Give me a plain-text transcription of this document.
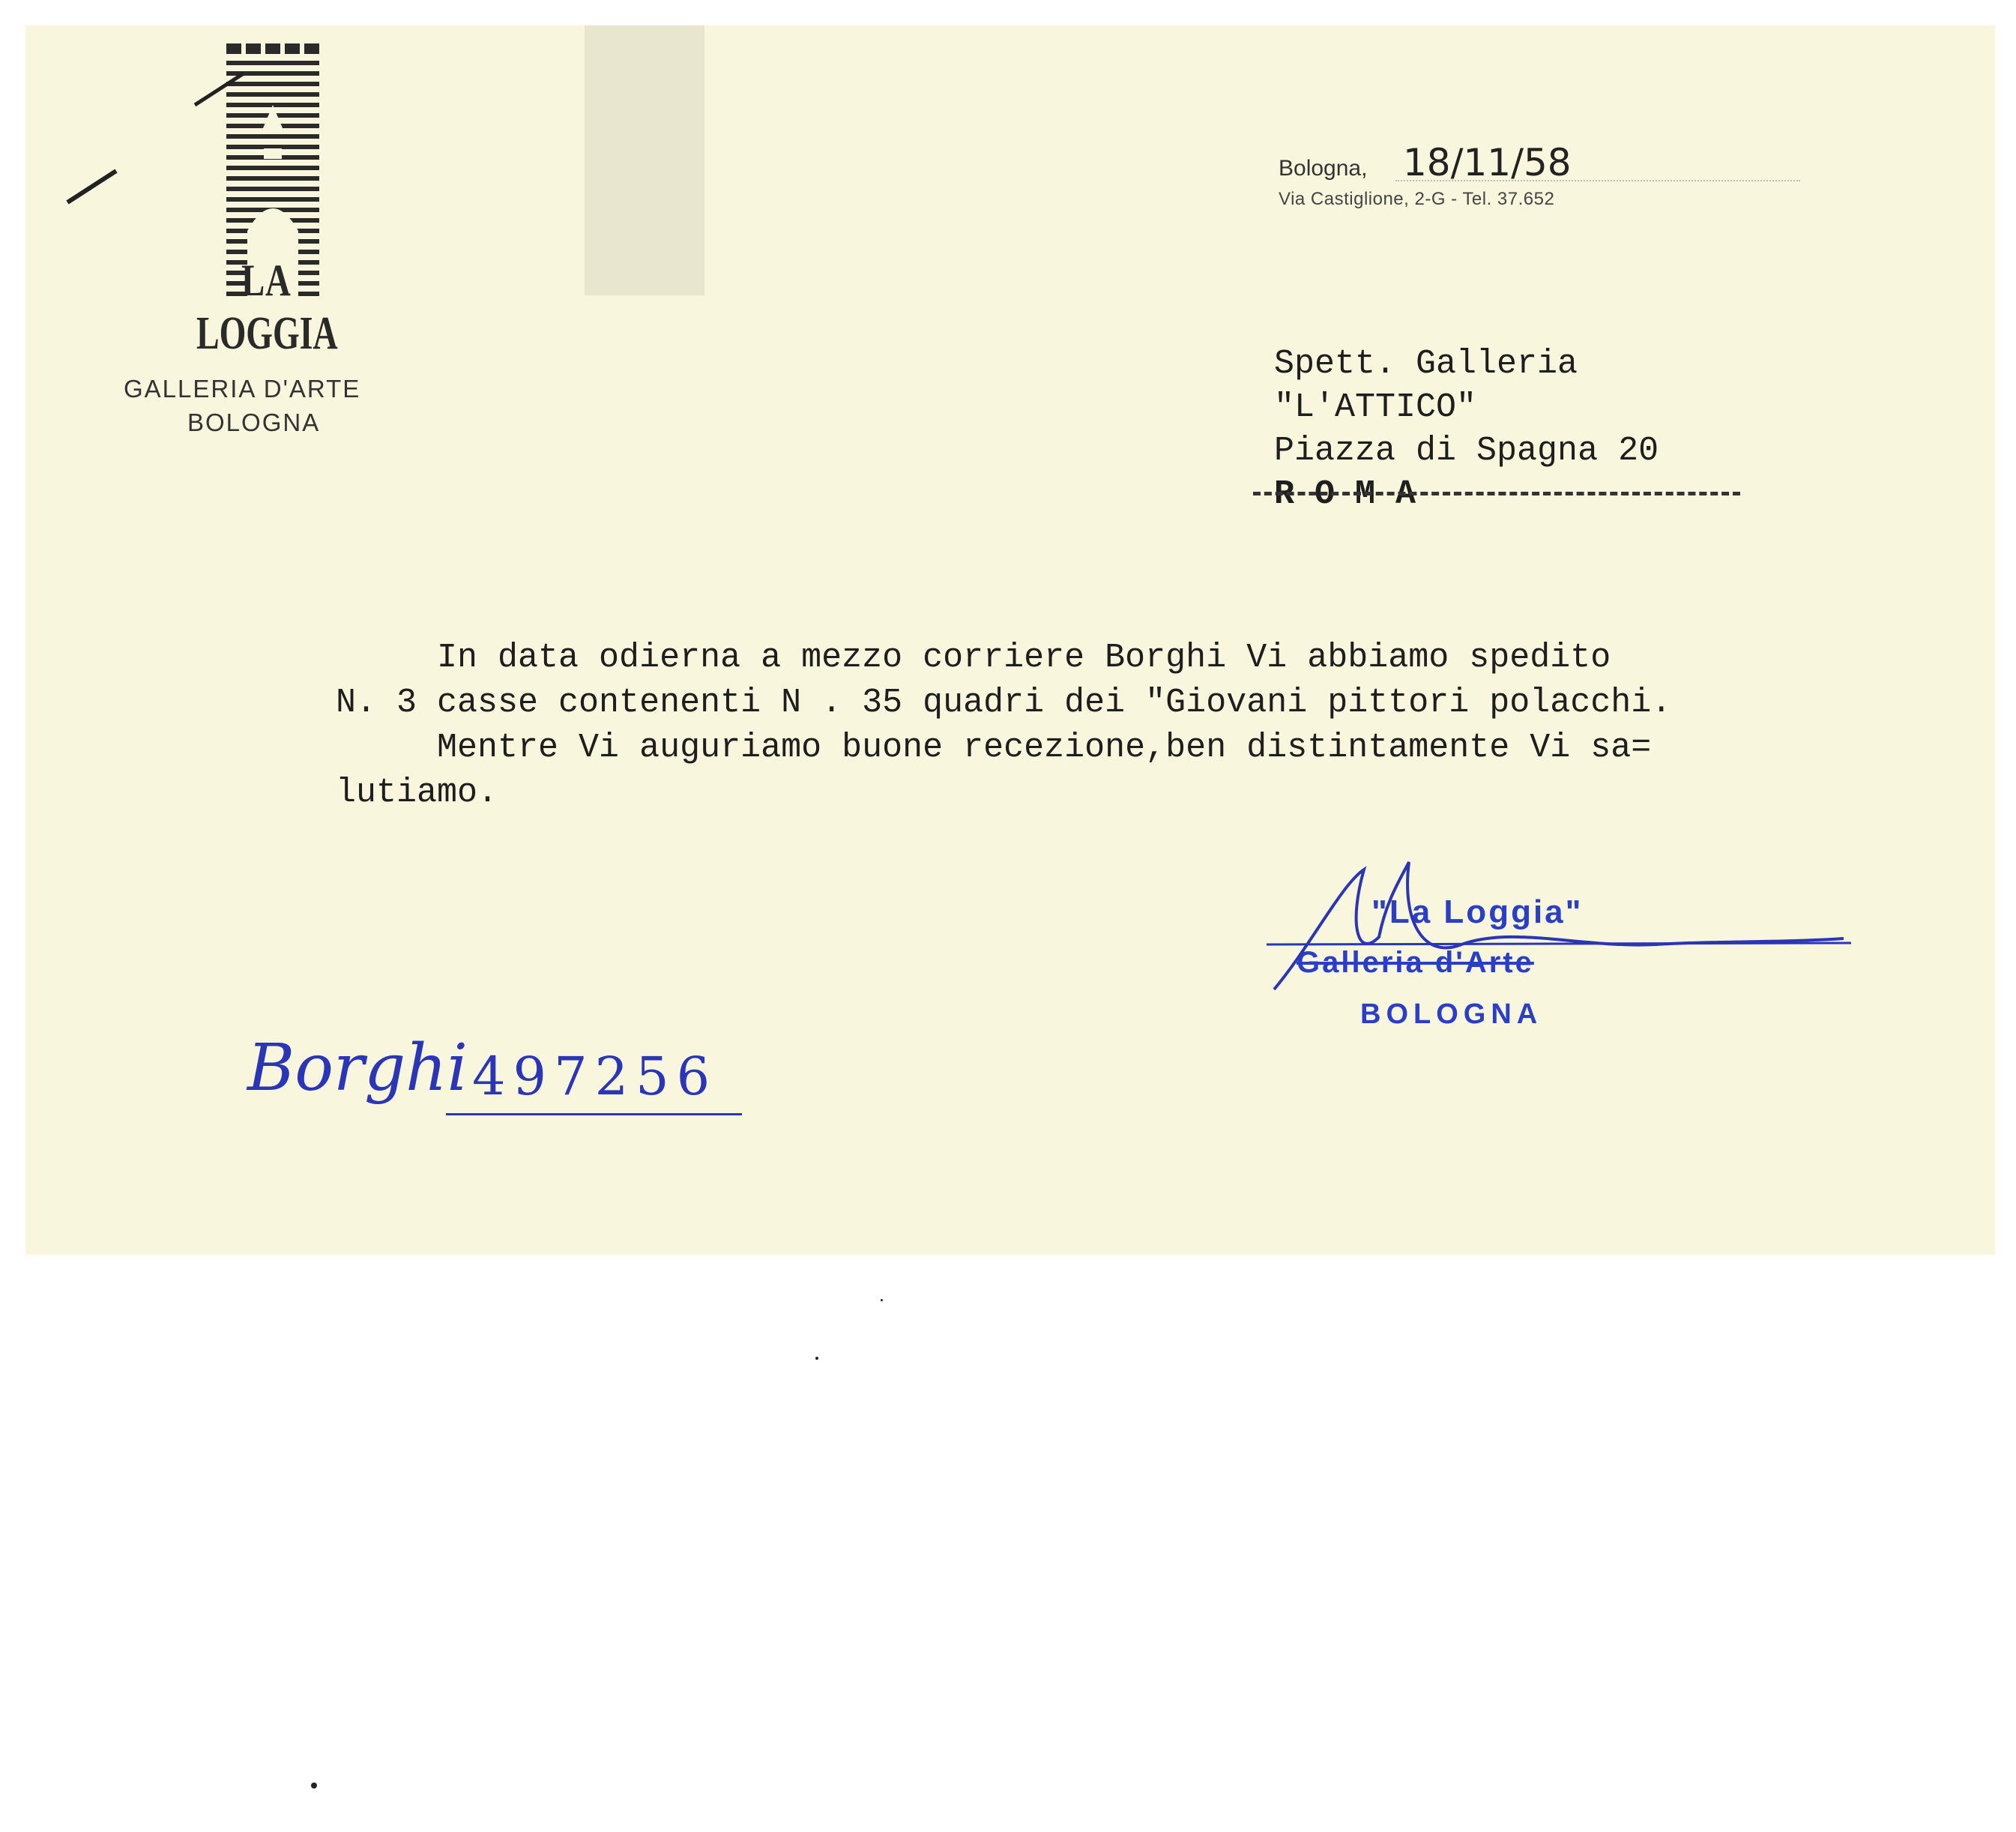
LA
LOGGIA
GALLERIA D'ARTE
BOLOGNA
Bologna, 18/11/58
Via Castiglione, 2-G - Tel. 37.652
Spett. Galleria
"L'ATTICO"
Piazza di Spagna 20
R O M A
In data odierna a mezzo corriere Borghi Vi abbiamo spedito
N. 3 casse contenenti N . 35 quadri dei "Giovani pittori polacchi.
Mentre Vi auguriamo buone recezione,ben distintamente Vi sa=
lutiamo.
"La Loggia"
Galleria d'Arte
BOLOGNA
Borghi 497256
